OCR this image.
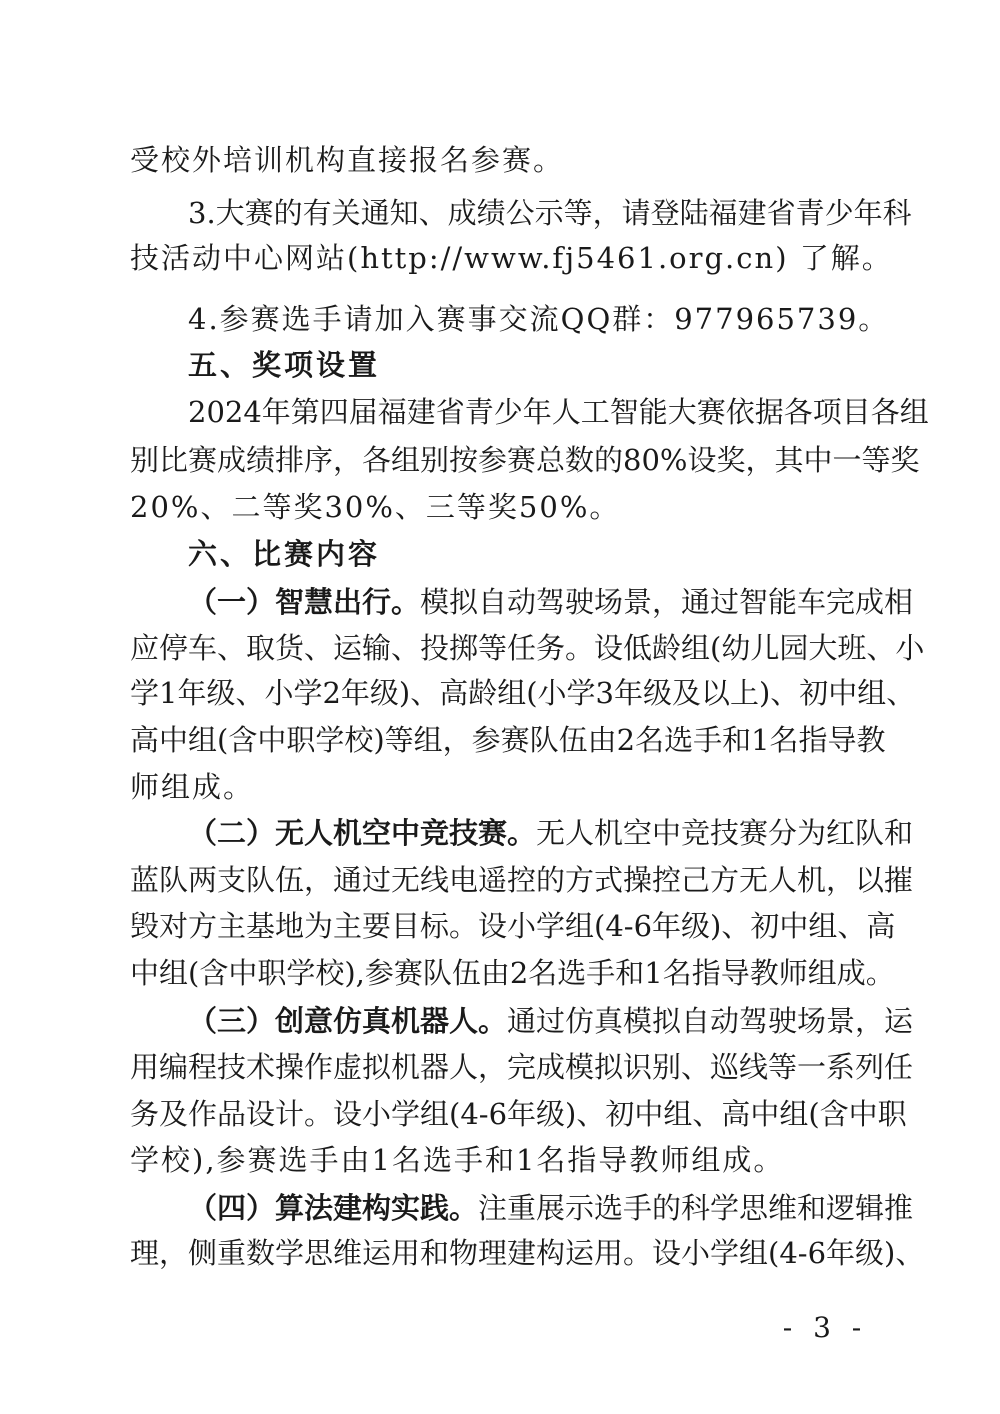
受校外培训机构直接报名参赛。
3.大赛的有关通知、成绩公示等，请登陆福建省青少年科
技活动中心网站(http://www.fj5461.org.cn) 了解。
4.参赛选手请加入赛事交流QQ群：977965739。
五、奖项设置
2024年第四届福建省青少年人工智能大赛依据各项目各组
别比赛成绩排序，各组别按参赛总数的80%设奖，其中一等奖
20%、二等奖30%、三等奖50%。
六、比赛内容
（一）智慧出行。模拟自动驾驶场景，通过智能车完成相
应停车、取货、运输、投掷等任务。设低龄组(幼儿园大班、小
学1年级、小学2年级)、高龄组(小学3年级及以上)、初中组、
高中组(含中职学校)等组，参赛队伍由2名选手和1名指导教
师组成。
（二）无人机空中竞技赛。无人机空中竞技赛分为红队和
蓝队两支队伍，通过无线电遥控的方式操控己方无人机，以摧
毁对方主基地为主要目标。设小学组(4-6年级)、初中组、高
中组(含中职学校),参赛队伍由2名选手和1名指导教师组成。
（三）创意仿真机器人。通过仿真模拟自动驾驶场景，运
用编程技术操作虚拟机器人，完成模拟识别、巡线等一系列任
务及作品设计。设小学组(4-6年级)、初中组、高中组(含中职
学校),参赛选手由1名选手和1名指导教师组成。
（四）算法建构实践。注重展示选手的科学思维和逻辑推
理，侧重数学思维运用和物理建构运用。设小学组(4-6年级)、
- 3 -
